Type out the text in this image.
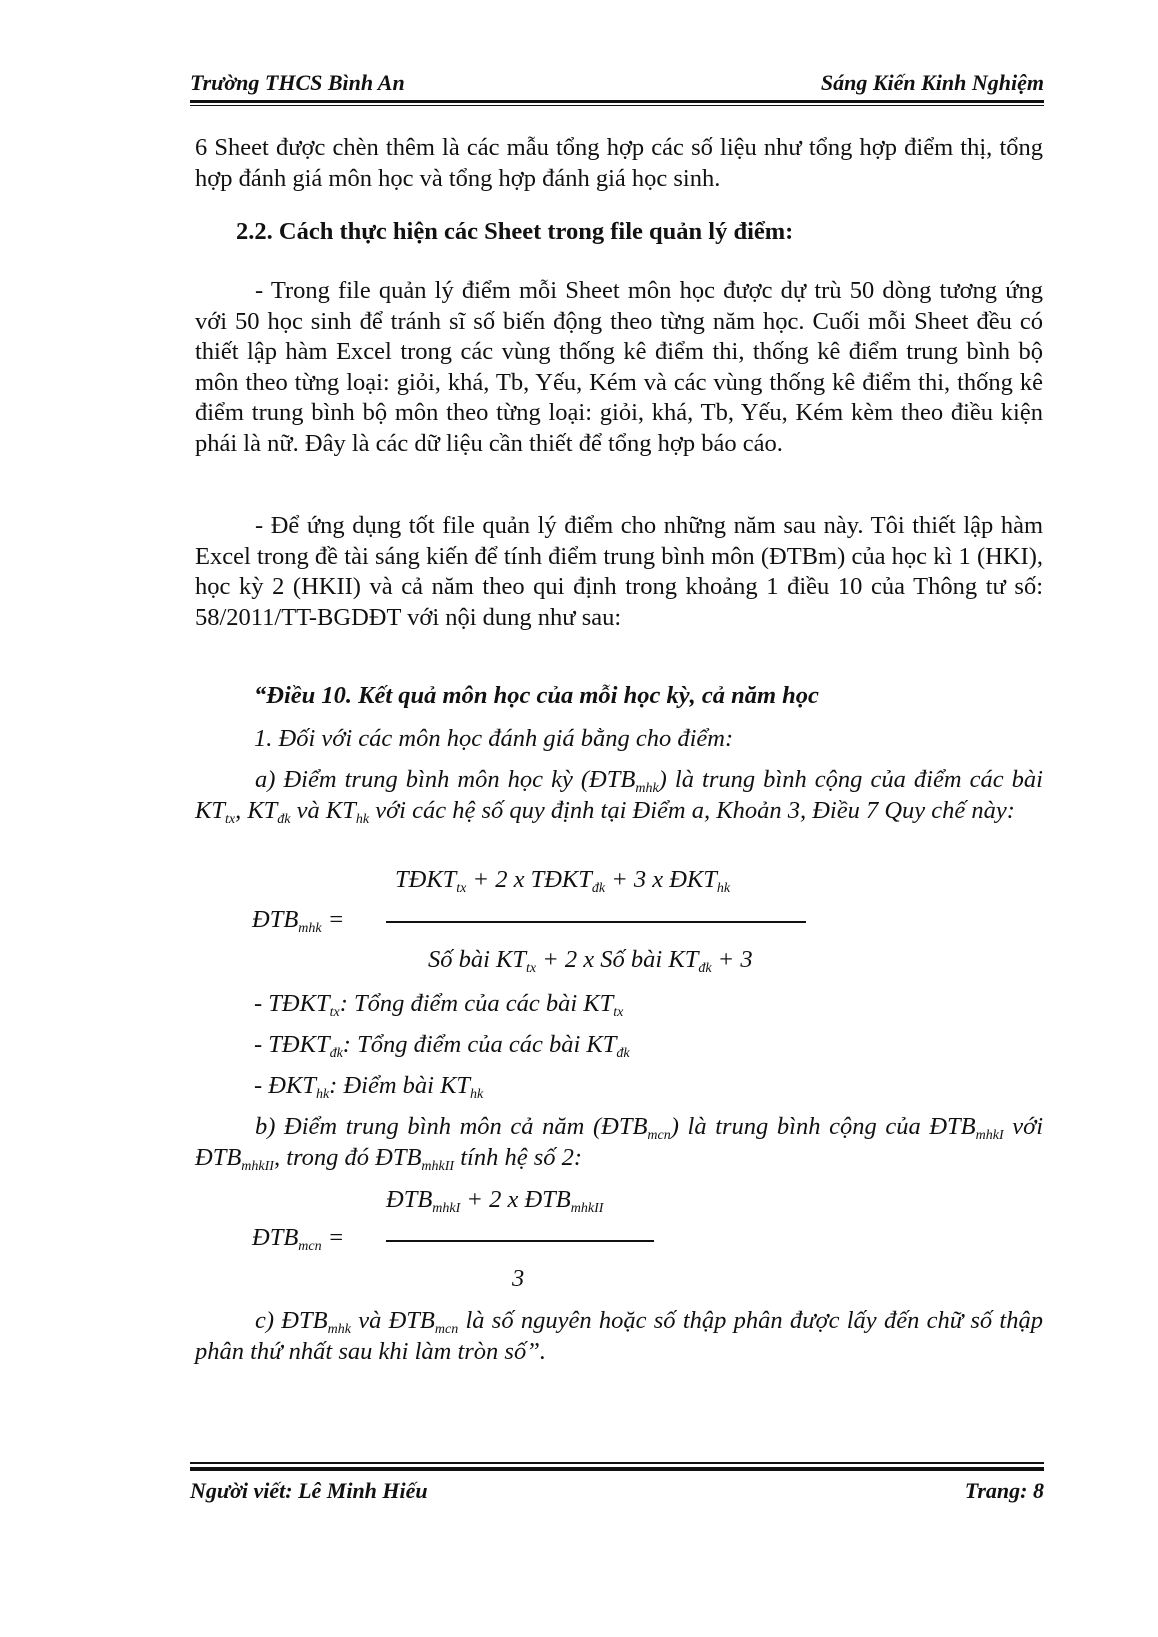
Trường THCS Bình An	Sáng Kiến Kinh Nghiệm
6 Sheet được chèn thêm là các mẫu tổng hợp các số liệu như tổng hợp điểm thị, tổng hợp đánh giá môn học và tổng hợp đánh giá học sinh.
2.2. Cách thực hiện các Sheet trong file quản lý điểm:
- Trong file quản lý điểm mỗi Sheet môn học được dự trù 50 dòng tương ứng với 50 học sinh để tránh sĩ số biến động theo từng năm học. Cuối mỗi Sheet đều có thiết lập hàm Excel trong các vùng thống kê điểm thi, thống kê điểm trung bình bộ môn theo từng loại: giỏi, khá, Tb, Yếu, Kém và các vùng thống kê điểm thi, thống kê điểm trung bình bộ môn theo từng loại: giỏi, khá, Tb, Yếu, Kém kèm theo điều kiện phái là nữ. Đây là các dữ liệu cần thiết để tổng hợp báo cáo.
- Để ứng dụng tốt file quản lý điểm cho những năm sau này. Tôi thiết lập hàm Excel trong đề tài sáng kiến để tính điểm trung bình môn (ĐTBm) của học kì 1 (HKI), học kỳ 2 (HKII) và cả năm theo qui định trong khoảng 1 điều 10 của Thông tư số: 58/2011/TT-BGDĐT với nội dung như sau:
“Điều 10. Kết quả môn học của mỗi học kỳ, cả năm học
1. Đối với các môn học đánh giá bằng cho điểm:
a) Điểm trung bình môn học kỳ $(ĐTB_{mhk})$ là trung bình cộng của điểm các bài $KT_{tx}$, $KT_{đk}$ và $KT_{hk}$ với các hệ số quy định tại Điểm a, Khoản 3, Điều 7 Quy chế này:
$TĐKT_{tx} + 2$ x $TĐKT_{đk} + 3$ x $ĐKT_{hk}$
$ĐTB_{mhk}$ =
Số bài $KT_{tx} + 2$ x Số bài $KT_{đk} + 3$
- $TĐKT_{tx}$: Tổng điểm của các bài $KT_{tx}$
- $TĐKT_{đk}$: Tổng điểm của các bài $KT_{đk}$
- $ĐKT_{hk}$: Điểm bài $KT_{hk}$
b) Điểm trung bình môn cả năm $(ĐTB_{mcn})$ là trung bình cộng của $ĐTB_{mhkI}$ với $ĐTB_{mhkII}$, trong đó $ĐTB_{mhkII}$ tính hệ số 2:
$ĐTB_{mhkI} + 2$ x $ĐTB_{mhkII}$
$ĐTB_{mcn}$ =
3
c) $ĐTB_{mhk}$ và $ĐTB_{mcn}$ là số nguyên hoặc số thập phân được lấy đến chữ số thập phân thứ nhất sau khi làm tròn số”.
Người viết: Lê Minh Hiếu	Trang: 8
